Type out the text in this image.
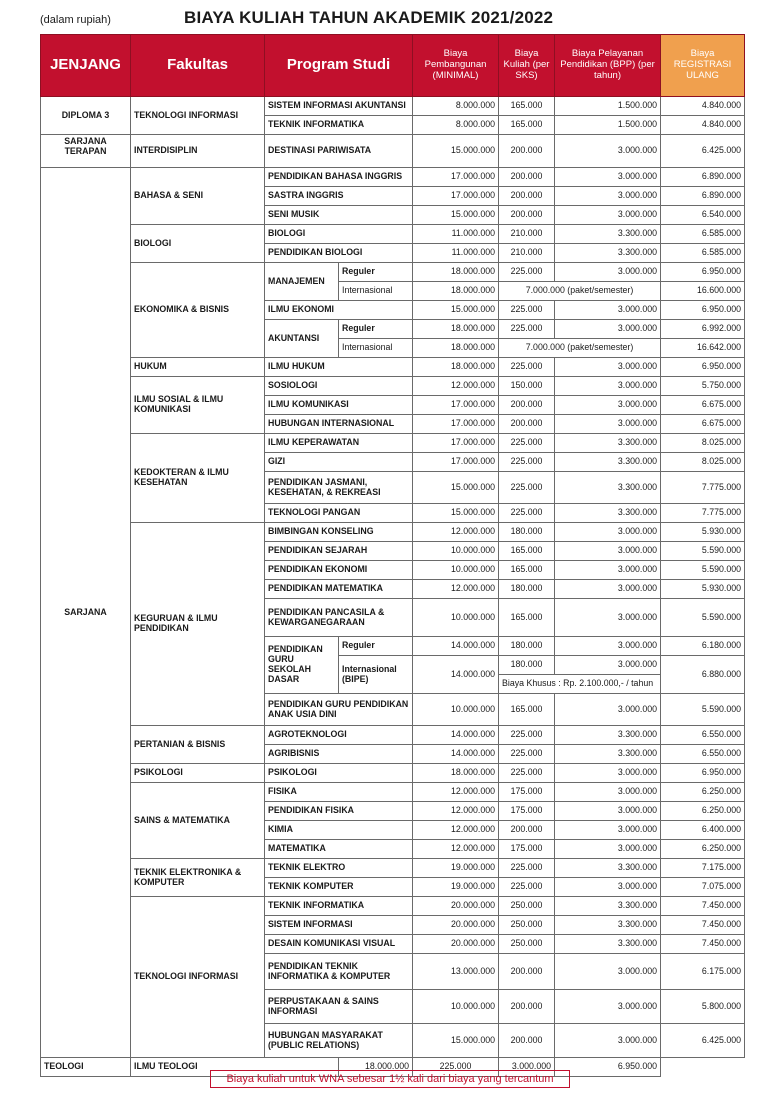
(dalam rupiah)	BIAYA KULIAH TAHUN AKADEMIK 2021/2022
JENJANG	Fakultas	Program Studi		Biaya Pembangunan (MINIMAL)	Biaya Kuliah (per SKS)	Biaya Pelayanan Pendidikan (BPP) (per tahun)	Biaya REGISTRASI ULANG
DIPLOMA 3	TEKNOLOGI INFORMASI	SISTEM INFORMASI AKUNTANSI		8.000.000	165.000	1.500.000	4.840.000
		TEKNIK INFORMATIKA		8.000.000	165.000	1.500.000	4.840.000
SARJANA TERAPAN	INTERDISIPLIN	DESTINASI PARIWISATA		15.000.000	200.000	3.000.000	6.425.000
SARJANA	BAHASA & SENI	PENDIDIKAN BAHASA INGGRIS		17.000.000	200.000	3.000.000	6.890.000
		SASTRA INGGRIS		17.000.000	200.000	3.000.000	6.890.000
		SENI MUSIK		15.000.000	200.000	3.000.000	6.540.000
	BIOLOGI	BIOLOGI		11.000.000	210.000	3.300.000	6.585.000
		PENDIDIKAN BIOLOGI		11.000.000	210.000	3.300.000	6.585.000
	EKONOMIKA & BISNIS	MANAJEMEN	Reguler	18.000.000	225.000	3.000.000	6.950.000
			Internasional	18.000.000	7.000.000 (paket/semester)		16.600.000
		ILMU EKONOMI		15.000.000	225.000	3.000.000	6.950.000
		AKUNTANSI	Reguler	18.000.000	225.000	3.000.000	6.992.000
			Internasional	18.000.000	7.000.000 (paket/semester)		16.642.000
	HUKUM	ILMU HUKUM		18.000.000	225.000	3.000.000	6.950.000
	ILMU SOSIAL & ILMU KOMUNIKASI	SOSIOLOGI		12.000.000	150.000	3.000.000	5.750.000
		ILMU KOMUNIKASI		17.000.000	200.000	3.000.000	6.675.000
		HUBUNGAN INTERNASIONAL		17.000.000	200.000	3.000.000	6.675.000
	KEDOKTERAN & ILMU KESEHATAN	ILMU KEPERAWATAN		17.000.000	225.000	3.300.000	8.025.000
		GIZI		17.000.000	225.000	3.300.000	8.025.000
		PENDIDIKAN JASMANI, KESEHATAN, & REKREASI		15.000.000	225.000	3.300.000	7.775.000
		TEKNOLOGI PANGAN		15.000.000	225.000	3.300.000	7.775.000
	KEGURUAN & ILMU PENDIDIKAN	BIMBINGAN KONSELING		12.000.000	180.000	3.000.000	5.930.000
		PENDIDIKAN SEJARAH		10.000.000	165.000	3.000.000	5.590.000
		PENDIDIKAN EKONOMI		10.000.000	165.000	3.000.000	5.590.000
		PENDIDIKAN MATEMATIKA		12.000.000	180.000	3.000.000	5.930.000
		PENDIDIKAN PANCASILA & KEWARGANEGARAAN		10.000.000	165.000	3.000.000	5.590.000
		PENDIDIKAN GURU SEKOLAH DASAR	Reguler	14.000.000	180.000	3.000.000	6.180.000
			Internasional (BIPE)	14.000.000	180.000	3.000.000	6.880.000
					Biaya Khusus : Rp. 2.100.000,- / tahun		
		PENDIDIKAN GURU PENDIDIKAN ANAK USIA DINI		10.000.000	165.000	3.000.000	5.590.000
	PERTANIAN & BISNIS	AGROTEKNOLOGI		14.000.000	225.000	3.300.000	6.550.000
		AGRIBISNIS		14.000.000	225.000	3.300.000	6.550.000
	PSIKOLOGI	PSIKOLOGI		18.000.000	225.000	3.000.000	6.950.000
	SAINS & MATEMATIKA	FISIKA		12.000.000	175.000	3.000.000	6.250.000
		PENDIDIKAN FISIKA		12.000.000	175.000	3.000.000	6.250.000
		KIMIA		12.000.000	200.000	3.000.000	6.400.000
		MATEMATIKA		12.000.000	175.000	3.000.000	6.250.000
	TEKNIK ELEKTRONIKA & KOMPUTER	TEKNIK ELEKTRO		19.000.000	225.000	3.300.000	7.175.000
		TEKNIK KOMPUTER		19.000.000	225.000	3.000.000	7.075.000
	TEKNOLOGI INFORMASI	TEKNIK INFORMATIKA		20.000.000	250.000	3.300.000	7.450.000
		SISTEM INFORMASI		20.000.000	250.000	3.300.000	7.450.000
		DESAIN KOMUNIKASI VISUAL		20.000.000	250.000	3.300.000	7.450.000
		PENDIDIKAN TEKNIK INFORMATIKA & KOMPUTER		13.000.000	200.000	3.000.000	6.175.000
		PERPUSTAKAAN & SAINS INFORMASI		10.000.000	200.000	3.000.000	5.800.000
		HUBUNGAN MASYARAKAT (PUBLIC RELATIONS)		15.000.000	200.000	3.000.000	6.425.000
TEOLOGI	ILMU TEOLOGI		18.000.000	225.000	3.000.000	6.950.000	
Biaya kuliah untuk WNA sebesar 1½ kali dari biaya yang tercantum
